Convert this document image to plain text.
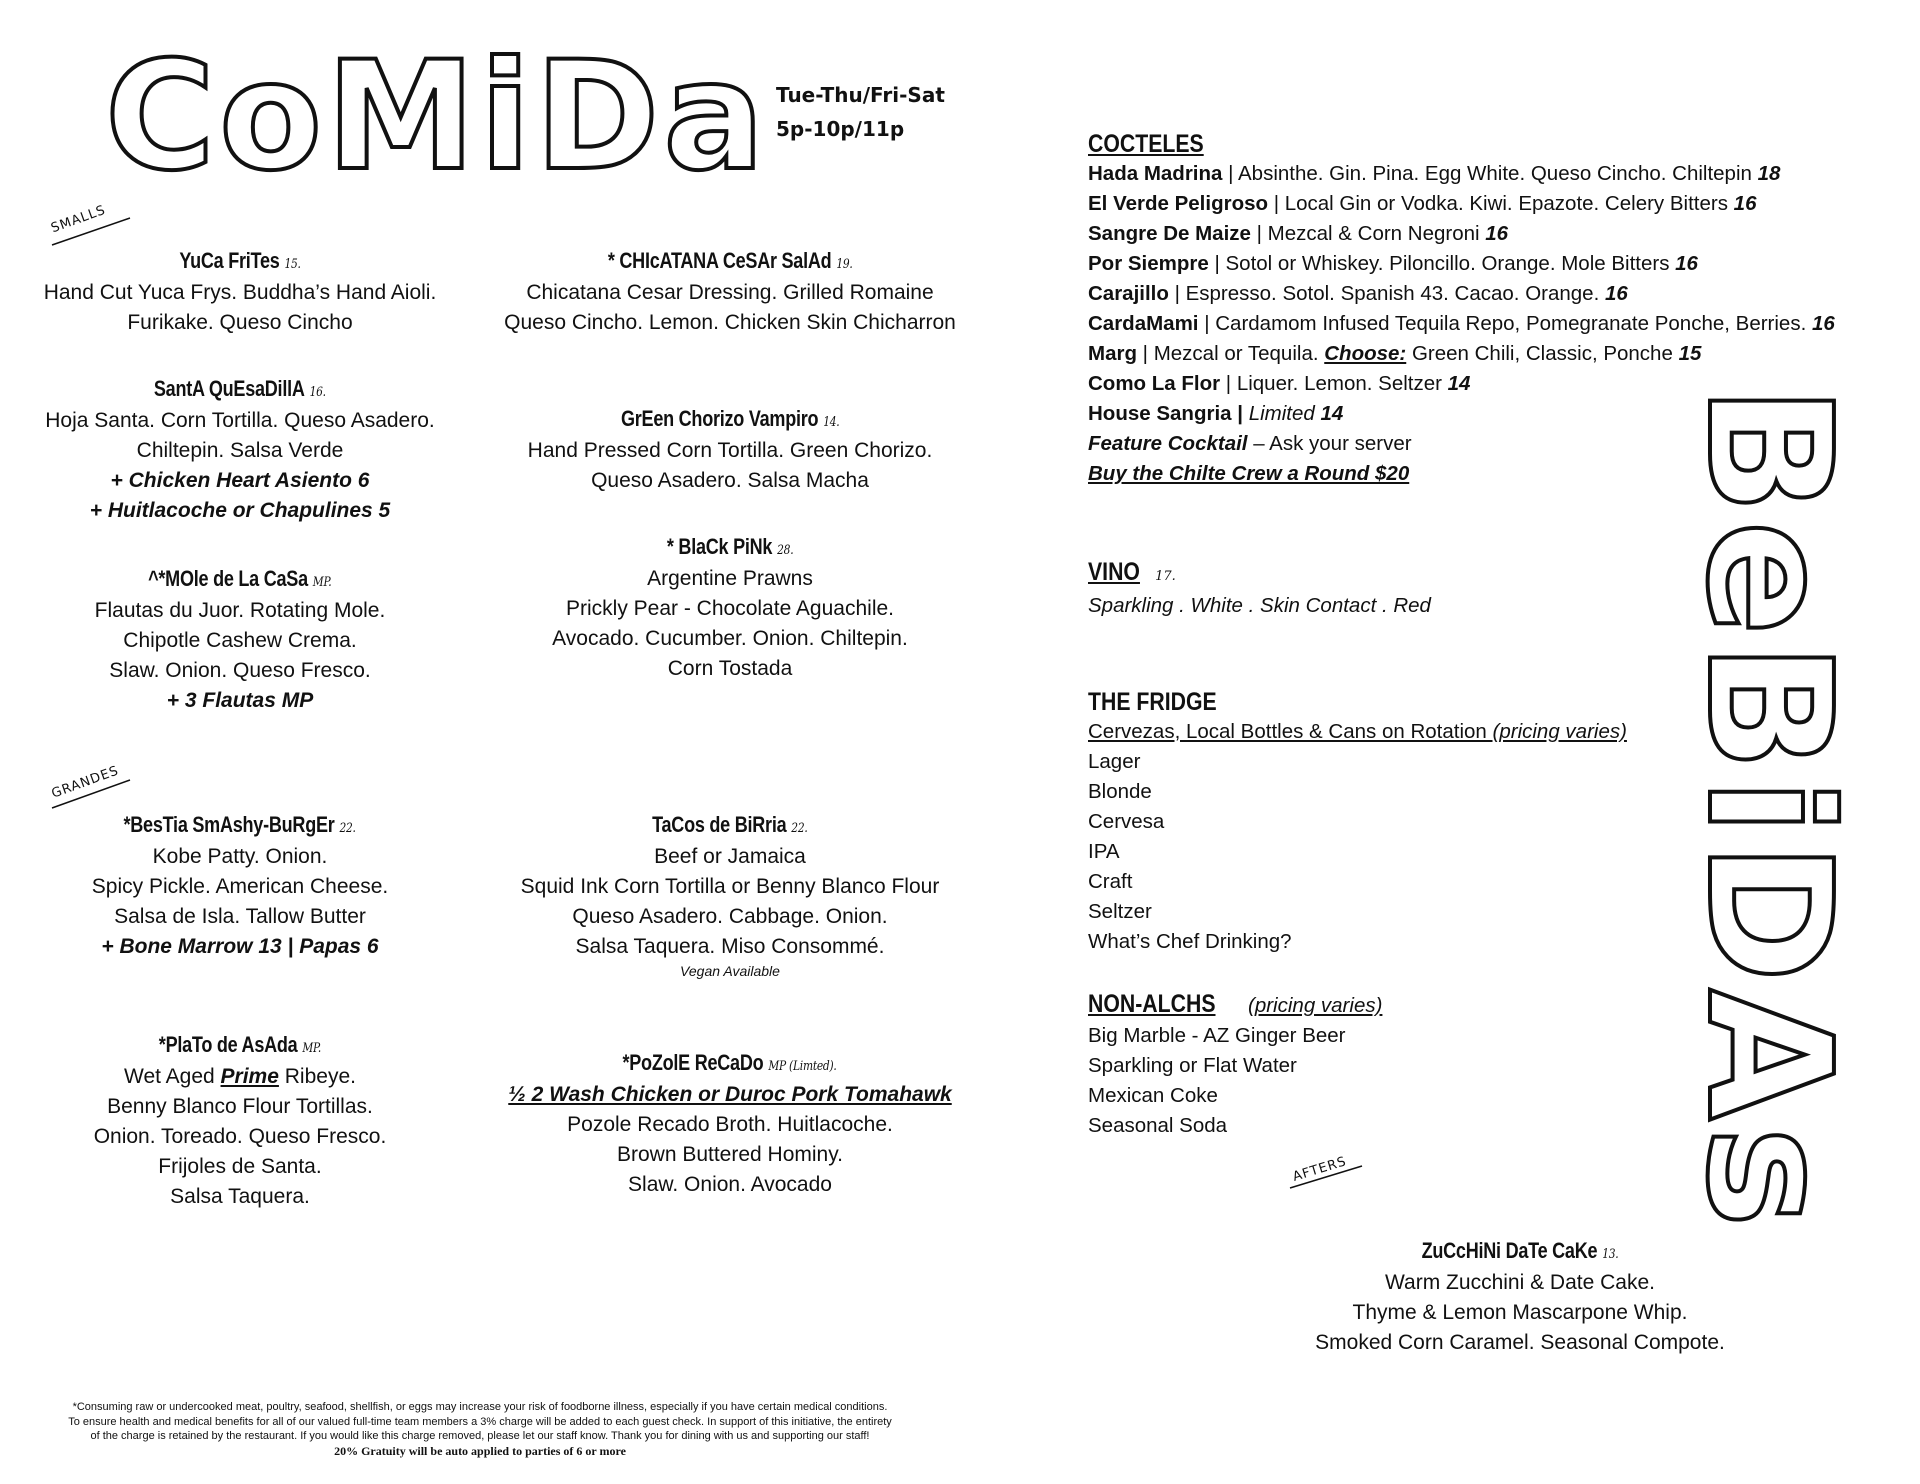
CoMiDa
BeBiDAs
Tue-Thu/Fri-Sat
5p-10p/11p
SMALLS
GRANDES
AFTERS
YuCa FriTes 15.
Hand Cut Yuca Frys. Buddha’s Hand Aioli.
Furikake. Queso Cincho
SantA QuEsaDillA 16.
Hoja Santa. Corn Tortilla. Queso Asadero.
Chiltepin. Salsa Verde
+ Chicken Heart Asiento 6
+ Huitlacoche or Chapulines 5
^*MOle de La CaSa MP.
Flautas du Juor. Rotating Mole.
Chipotle Cashew Crema.
Slaw. Onion. Queso Fresco.
+ 3 Flautas MP
* CHIcATANA CeSAr SalAd 19.
Chicatana Cesar Dressing. Grilled Romaine
Queso Cincho. Lemon. Chicken Skin Chicharron
GrEen Chorizo Vampiro 14.
Hand Pressed Corn Tortilla. Green Chorizo.
Queso Asadero. Salsa Macha
* BlaCk PiNk 28.
Argentine Prawns
Prickly Pear - Chocolate Aguachile.
Avocado. Cucumber. Onion. Chiltepin.
Corn Tostada
*BesTia SmAshy-BuRgEr 22.
Kobe Patty. Onion.
Spicy Pickle. American Cheese.
Salsa de Isla. Tallow Butter
+ Bone Marrow 13 | Papas 6
*PlaTo de AsAda MP.
Wet Aged Prime Ribeye.
Benny Blanco Flour Tortillas.
Onion. Toreado. Queso Fresco.
Frijoles de Santa.
Salsa Taquera.
TaCos de BiRria 22.
Beef or Jamaica
Squid Ink Corn Tortilla or Benny Blanco Flour
Queso Asadero. Cabbage. Onion.
Salsa Taquera. Miso Consommé.
Vegan Available
*PoZolE ReCaDo MP (Limted).
½ 2 Wash Chicken or Duroc Pork Tomahawk
Pozole Recado Broth. Huitlacoche.
Brown Buttered Hominy.
Slaw. Onion. Avocado
ZuCcHiNi DaTe CaKe 13.
Warm Zucchini & Date Cake.
Thyme & Lemon Mascarpone Whip.
Smoked Corn Caramel. Seasonal Compote.
COCTELES
Hada Madrina | Absinthe. Gin. Pina. Egg White. Queso Cincho. Chiltepin 18
El Verde Peligroso | Local Gin or Vodka. Kiwi. Epazote. Celery Bitters 16
Sangre De Maize | Mezcal & Corn Negroni 16
Por Siempre | Sotol or Whiskey. Piloncillo. Orange. Mole Bitters 16
Carajillo | Espresso. Sotol. Spanish 43. Cacao. Orange. 16
CardaMami | Cardamom Infused Tequila Repo, Pomegranate Ponche, Berries. 16
Marg | Mezcal or Tequila. Choose: Green Chili, Classic, Ponche 15
Como La Flor | Liquer. Lemon. Seltzer 14
House Sangria | Limited 14
Feature Cocktail – Ask your server
Buy the Chilte Crew a Round $20
VINO 17.
Sparkling . White . Skin Contact . Red
THE FRIDGE
Cervezas, Local Bottles & Cans on Rotation (pricing varies)
Lager
Blonde
Cervesa
IPA
Craft
Seltzer
What’s Chef Drinking?
NON-ALCHS (pricing varies)
Big Marble - AZ Ginger Beer
Sparkling or Flat Water
Mexican Coke
Seasonal Soda
*Consuming raw or undercooked meat, poultry, seafood, shellfish, or eggs may increase your risk of foodborne illness, especially if you have certain medical conditions.
To ensure health and medical benefits for all of our valued full-time team members a 3% charge will be added to each guest check. In support of this initiative, the entirety
of the charge is retained by the restaurant. If you would like this charge removed, please let our staff know. Thank you for dining with us and supporting our staff!
20% Gratuity will be auto applied to parties of 6 or more
